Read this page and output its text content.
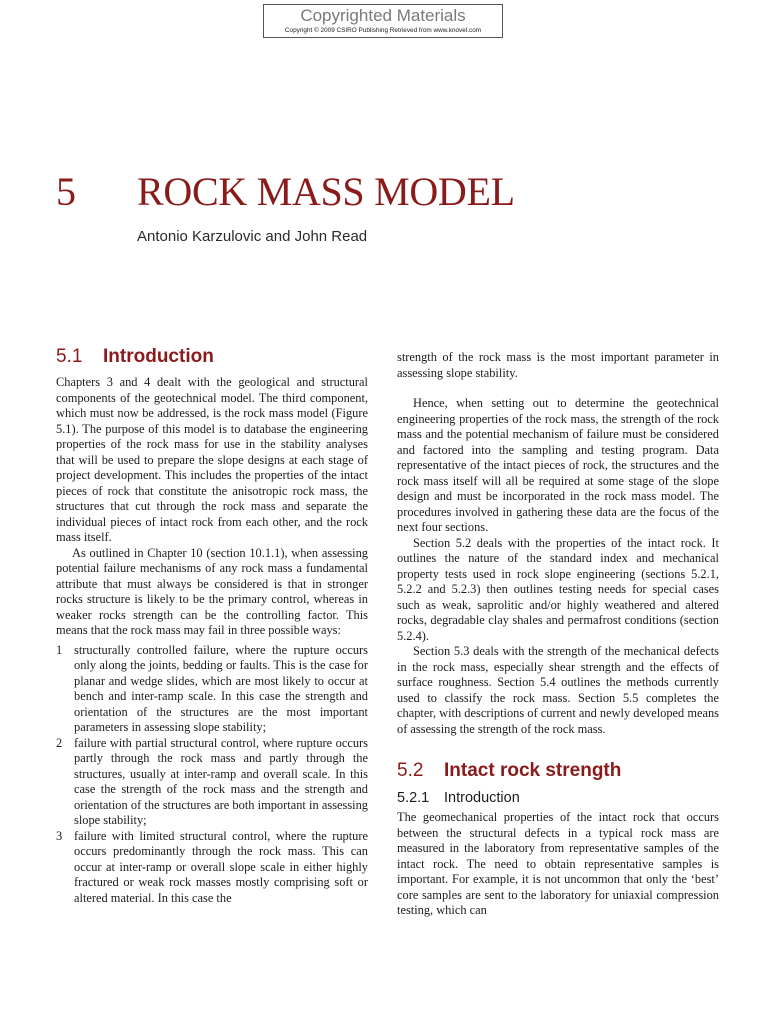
Copyrighted Materials
Copyright © 2009 CSIRO Publishing Retrieved from www.knovel.com
5 ROCK MASS MODEL
Antonio Karzulovic and John Read
5.1 Introduction

Chapters 3 and 4 dealt with the geological and structural components of the geotechnical model. The third component, which must now be addressed, is the rock mass model (Figure 5.1). The purpose of this model is to database the engineering properties of the rock mass for use in the stability analyses that will be used to prepare the slope designs at each stage of project development. This includes the properties of the intact pieces of rock that constitute the anisotropic rock mass, the structures that cut through the rock mass and separate the individual pieces of intact rock from each other, and the rock mass itself.

As outlined in Chapter 10 (section 10.1.1), when assessing potential failure mechanisms of any rock mass a fundamental attribute that must always be considered is that in stronger rocks structure is likely to be the primary control, whereas in weaker rocks strength can be the controlling factor. This means that the rock mass may fail in three possible ways:

1 structurally controlled failure, where the rupture occurs only along the joints, bedding or faults. This is the case for planar and wedge slides, which are most likely to occur at bench and inter-ramp scale. In this case the strength and orientation of the structures are the most important parameters in assessing slope stability;
2 failure with partial structural control, where rupture occurs partly through the rock mass and partly through the structures, usually at inter-ramp and overall scale. In this case the strength of the rock mass and the strength and orientation of the structures are both important in assessing slope stability;
3 failure with limited structural control, where the rupture occurs predominantly through the rock mass. This can occur at inter-ramp or overall slope scale in either highly fractured or weak rock masses mostly comprising soft or altered material. In this case the

strength of the rock mass is the most important parameter in assessing slope stability.

Hence, when setting out to determine the geotechnical engineering properties of the rock mass, the strength of the rock mass and the potential mechanism of failure must be considered and factored into the sampling and testing program. Data representative of the intact pieces of rock, the structures and the rock mass itself will all be required at some stage of the slope design and must be incorporated in the rock mass model. The procedures involved in gathering these data are the focus of the next four sections.

Section 5.2 deals with the properties of the intact rock. It outlines the nature of the standard index and mechanical property tests used in rock slope engineering (sections 5.2.1, 5.2.2 and 5.2.3) then outlines testing needs for special cases such as weak, saprolitic and/or highly weathered and altered rocks, degradable clay shales and permafrost conditions (section 5.2.4).

Section 5.3 deals with the strength of the mechanical defects in the rock mass, especially shear strength and the effects of surface roughness. Section 5.4 outlines the methods currently used to classify the rock mass. Section 5.5 completes the chapter, with descriptions of current and newly developed means of assessing the strength of the rock mass.

5.2 Intact rock strength
5.2.1 Introduction

The geomechanical properties of the intact rock that occurs between the structural defects in a typical rock mass are measured in the laboratory from representative samples of the intact rock. The need to obtain representative samples is important. For example, it is not uncommon that only the ‘best’ core samples are sent to the laboratory for uniaxial compression testing, which can
